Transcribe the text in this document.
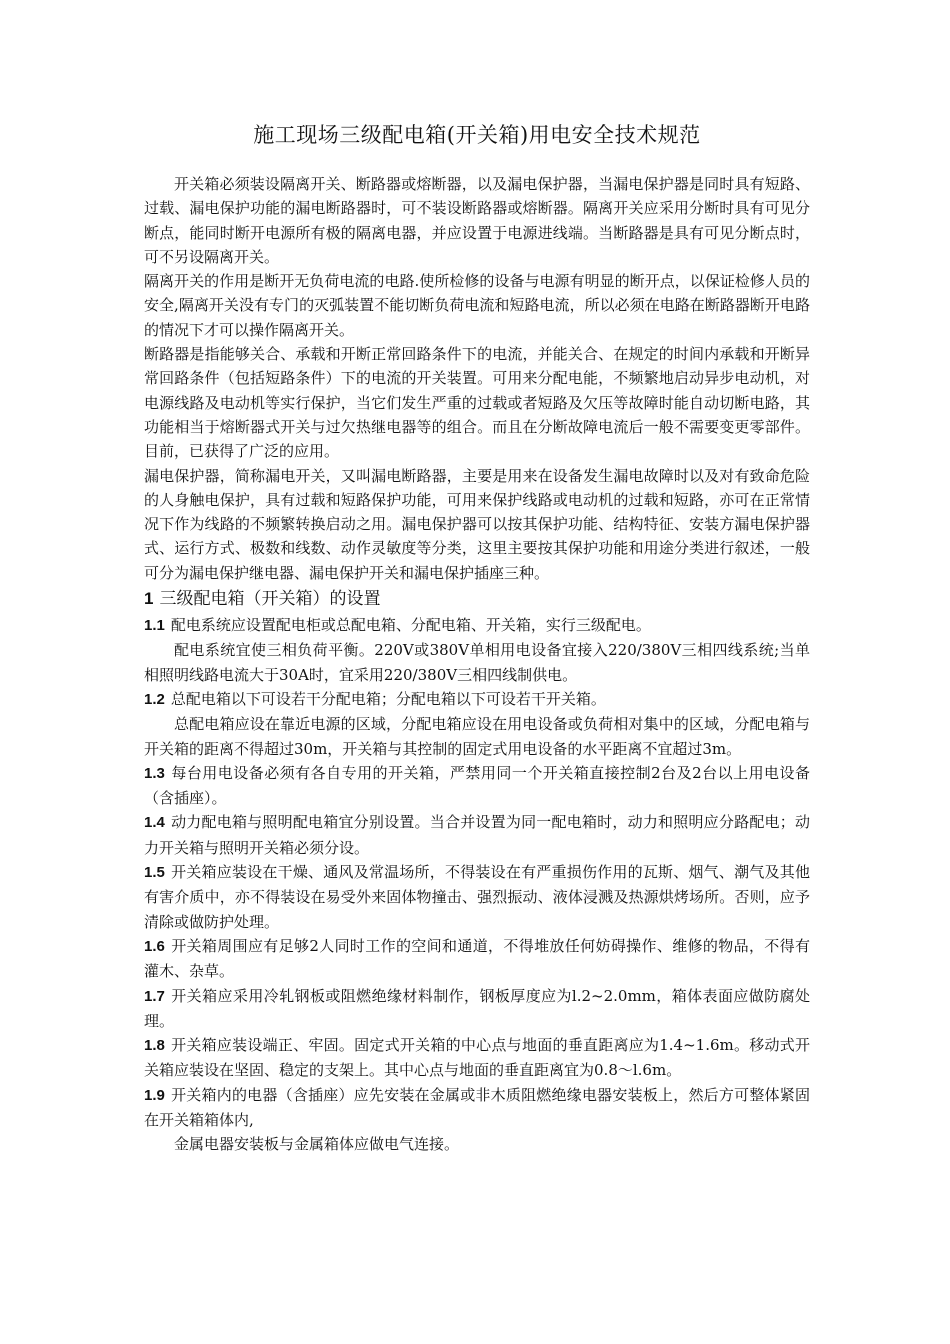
施工现场三级配电箱(开关箱)用电安全技术规范

开关箱必须装设隔离开关、断路器或熔断器，以及漏电保护器，当漏电保护器是同时具有短路、过载、漏电保护功能的漏电断路器时，可不装设断路器或熔断器。隔离开关应采用分断时具有可见分断点，能同时断开电源所有极的隔离电器，并应设置于电源进线端。当断路器是具有可见分断点时，可不另设隔离开关。

隔离开关的作用是断开无负荷电流的电路.使所检修的设备与电源有明显的断开点，以保证检修人员的安全,隔离开关没有专门的灭弧装置不能切断负荷电流和短路电流，所以必须在电路在断路器断开电路的情况下才可以操作隔离开关。

断路器是指能够关合、承载和开断正常回路条件下的电流，并能关合、在规定的时间内承载和开断异常回路条件（包括短路条件）下的电流的开关装置。可用来分配电能，不频繁地启动异步电动机，对电源线路及电动机等实行保护，当它们发生严重的过载或者短路及欠压等故障时能自动切断电路，其功能相当于熔断器式开关与过欠热继电器等的组合。而且在分断故障电流后一般不需要变更零部件。目前，已获得了广泛的应用。

漏电保护器，简称漏电开关，又叫漏电断路器，主要是用来在设备发生漏电故障时以及对有致命危险的人身触电保护，具有过载和短路保护功能，可用来保护线路或电动机的过载和短路，亦可在正常情况下作为线路的不频繁转换启动之用。漏电保护器可以按其保护功能、结构特征、安装方漏电保护器式、运行方式、极数和线数、动作灵敏度等分类，这里主要按其保护功能和用途分类进行叙述，一般可分为漏电保护继电器、漏电保护开关和漏电保护插座三种。

1 三级配电箱（开关箱）的设置

1.1 配电系统应设置配电柜或总配电箱、分配电箱、开关箱，实行三级配电。

配电系统宜使三相负荷平衡。220V或380V单相用电设备宜接入220/380V三相四线系统;当单相照明线路电流大于30A时，宜采用220/380V三相四线制供电。

1.2 总配电箱以下可设若干分配电箱；分配电箱以下可设若干开关箱。

总配电箱应设在靠近电源的区域，分配电箱应设在用电设备或负荷相对集中的区域，分配电箱与开关箱的距离不得超过30m，开关箱与其控制的固定式用电设备的水平距离不宜超过3m。

1.3 每台用电设备必须有各自专用的开关箱，严禁用同一个开关箱直接控制2台及2台以上用电设备（含插座）。

1.4 动力配电箱与照明配电箱宜分别设置。当合并设置为同一配电箱时，动力和照明应分路配电；动力开关箱与照明开关箱必须分设。

1.5 开关箱应装设在干燥、通风及常温场所，不得装设在有严重损伤作用的瓦斯、烟气、潮气及其他有害介质中，亦不得装设在易受外来固体物撞击、强烈振动、液体浸溅及热源烘烤场所。否则，应予清除或做防护处理。

1.6 开关箱周围应有足够2人同时工作的空间和通道，不得堆放任何妨碍操作、维修的物品，不得有灌木、杂草。

1.7 开关箱应采用冷轧钢板或阻燃绝缘材料制作，钢板厚度应为l.2~2.0mm，箱体表面应做防腐处理。

1.8 开关箱应装设端正、牢固。固定式开关箱的中心点与地面的垂直距离应为1.4~1.6m。移动式开关箱应装设在坚固、稳定的支架上。其中心点与地面的垂直距离宜为0.8～l.6m。

1.9 开关箱内的电器（含插座）应先安装在金属或非木质阻燃绝缘电器安装板上，然后方可整体紧固在开关箱箱体内,

金属电器安装板与金属箱体应做电气连接。
